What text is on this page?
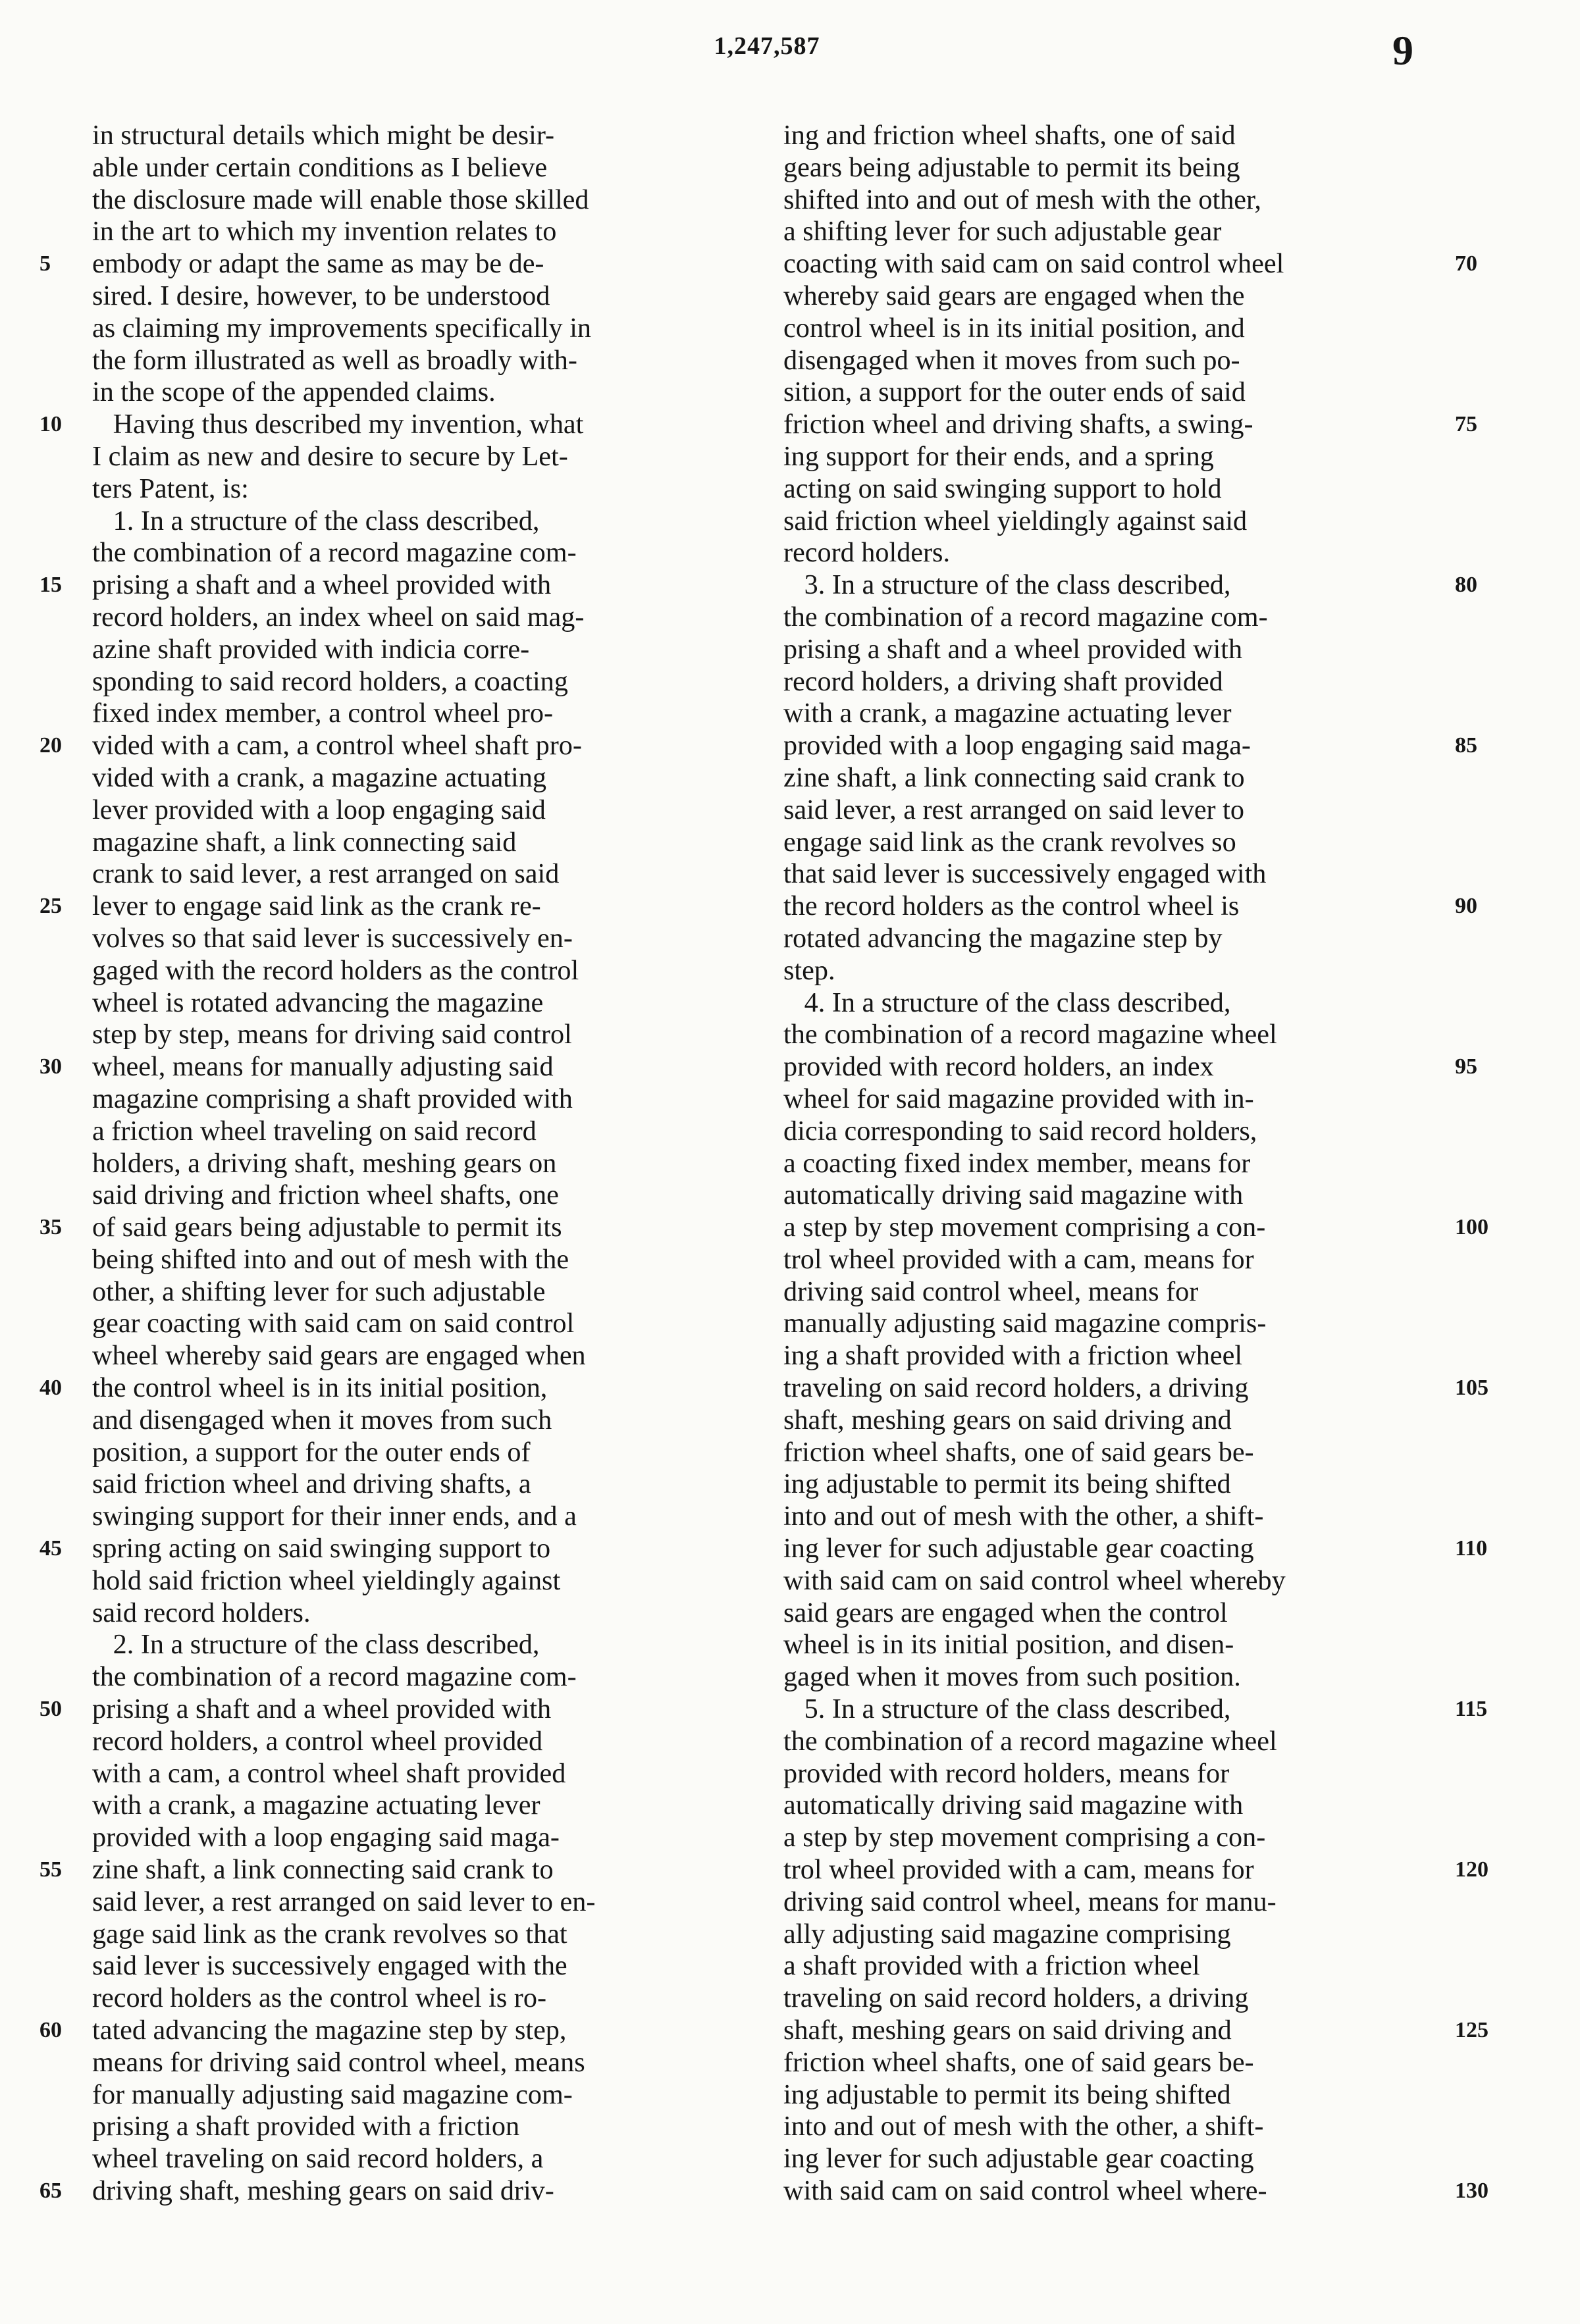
1,247,587	9
in structural details which might be desir-
able under certain conditions as I believe
the disclosure made will enable those skilled
in the art to which my invention relates to
embody or adapt the same as may be de-
sired. I desire, however, to be understood
as claiming my improvements specifically in
the form illustrated as well as broadly with-
in the scope of the appended claims.
Having thus described my invention, what
I claim as new and desire to secure by Let-
ters Patent, is:
1. In a structure of the class described,
the combination of a record magazine com-
prising a shaft and a wheel provided with
record holders, an index wheel on said mag-
azine shaft provided with indicia corre-
sponding to said record holders, a coacting
fixed index member, a control wheel pro-
vided with a cam, a control wheel shaft pro-
vided with a crank, a magazine actuating
lever provided with a loop engaging said
magazine shaft, a link connecting said
crank to said lever, a rest arranged on said
lever to engage said link as the crank re-
volves so that said lever is successively en-
gaged with the record holders as the control
wheel is rotated advancing the magazine
step by step, means for driving said control
wheel, means for manually adjusting said
magazine comprising a shaft provided with
a friction wheel traveling on said record
holders, a driving shaft, meshing gears on
said driving and friction wheel shafts, one
of said gears being adjustable to permit its
being shifted into and out of mesh with the
other, a shifting lever for such adjustable
gear coacting with said cam on said control
wheel whereby said gears are engaged when
the control wheel is in its initial position,
and disengaged when it moves from such
position, a support for the outer ends of
said friction wheel and driving shafts, a
swinging support for their inner ends, and a
spring acting on said swinging support to
hold said friction wheel yieldingly against
said record holders.
2. In a structure of the class described,
the combination of a record magazine com-
prising a shaft and a wheel provided with
record holders, a control wheel provided
with a cam, a control wheel shaft provided
with a crank, a magazine actuating lever
provided with a loop engaging said maga-
zine shaft, a link connecting said crank to
said lever, a rest arranged on said lever to en-
gage said link as the crank revolves so that
said lever is successively engaged with the
record holders as the control wheel is ro-
tated advancing the magazine step by step,
means for driving said control wheel, means
for manually adjusting said magazine com-
prising a shaft provided with a friction
wheel traveling on said record holders, a
driving shaft, meshing gears on said driv-
ing and friction wheel shafts, one of said
gears being adjustable to permit its being
shifted into and out of mesh with the other,
a shifting lever for such adjustable gear
coacting with said cam on said control wheel
whereby said gears are engaged when the
control wheel is in its initial position, and
disengaged when it moves from such po-
sition, a support for the outer ends of said
friction wheel and driving shafts, a swing-
ing support for their ends, and a spring
acting on said swinging support to hold
said friction wheel yieldingly against said
record holders.
3. In a structure of the class described,
the combination of a record magazine com-
prising a shaft and a wheel provided with
record holders, a driving shaft provided
with a crank, a magazine actuating lever
provided with a loop engaging said maga-
zine shaft, a link connecting said crank to
said lever, a rest arranged on said lever to
engage said link as the crank revolves so
that said lever is successively engaged with
the record holders as the control wheel is
rotated advancing the magazine step by
step.
4. In a structure of the class described,
the combination of a record magazine wheel
provided with record holders, an index
wheel for said magazine provided with in-
dicia corresponding to said record holders,
a coacting fixed index member, means for
automatically driving said magazine with
a step by step movement comprising a con-
trol wheel provided with a cam, means for
driving said control wheel, means for
manually adjusting said magazine compris-
ing a shaft provided with a friction wheel
traveling on said record holders, a driving
shaft, meshing gears on said driving and
friction wheel shafts, one of said gears be-
ing adjustable to permit its being shifted
into and out of mesh with the other, a shift-
ing lever for such adjustable gear coacting
with said cam on said control wheel whereby
said gears are engaged when the control
wheel is in its initial position, and disen-
gaged when it moves from such position.
5. In a structure of the class described,
the combination of a record magazine wheel
provided with record holders, means for
automatically driving said magazine with
a step by step movement comprising a con-
trol wheel provided with a cam, means for
driving said control wheel, means for manu-
ally adjusting said magazine comprising
a shaft provided with a friction wheel
traveling on said record holders, a driving
shaft, meshing gears on said driving and
friction wheel shafts, one of said gears be-
ing adjustable to permit its being shifted
into and out of mesh with the other, a shift-
ing lever for such adjustable gear coacting
with said cam on said control wheel where-
5
10
15
20
25
30
35
40
45
50
55
60
65
70
75
80
85
90
95
100
105
110
115
120
125
130
